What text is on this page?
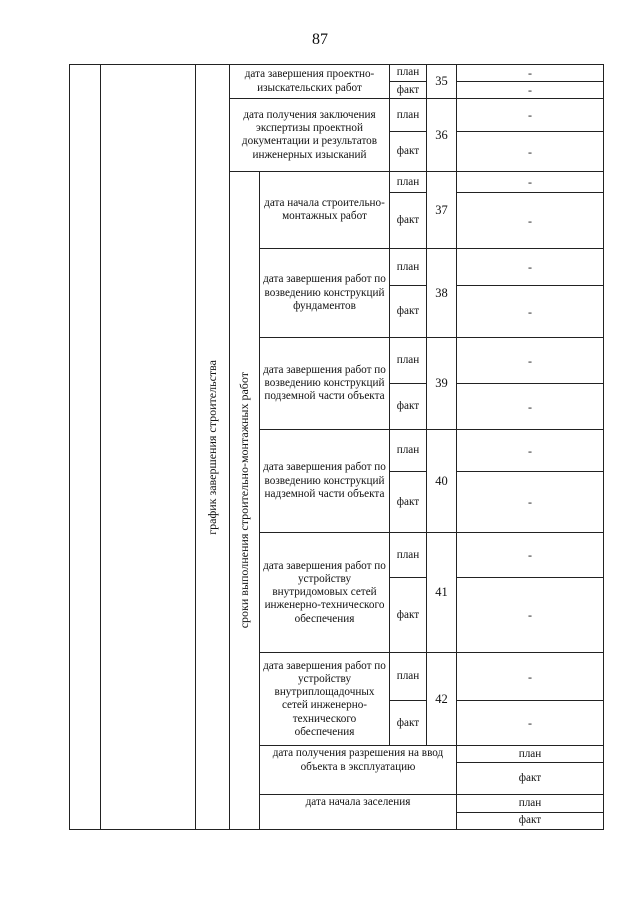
87

		график завершения строительства	дата завершения проектно-изыскательских работ		план	35	-	
					факт		-	
			дата получения заключения экспертизы проектной документации и результатов инженерных изысканий		план	36	-	
					факт		-	

			сроки выполнения строительно-монтажных работ	дата начала строительно-монтажных работ	план	37	-	
					факт		-	
				дата завершения работ по возведению конструкций фундаментов	план	38	-	
					факт		-	
				дата завершения работ по возведению конструкций подземной части объекта	план	39	-	
					факт		-	
				дата завершения работ по возведению конструкций надземной части объекта	план	40	-	
					факт		-	
				дата завершения работ по устройству внутридомовых сетей инженерно-технического обеспечения	план	41	-	
					факт		-	
				дата завершения работ по устройству внутриплощадочных сетей инженерно-технического обеспечения	план	42	-	
					факт		-	
				дата получения разрешения на ввод объекта в эксплуатацию			план		
							факт	
				дата начала заселения			план		
							факт	
